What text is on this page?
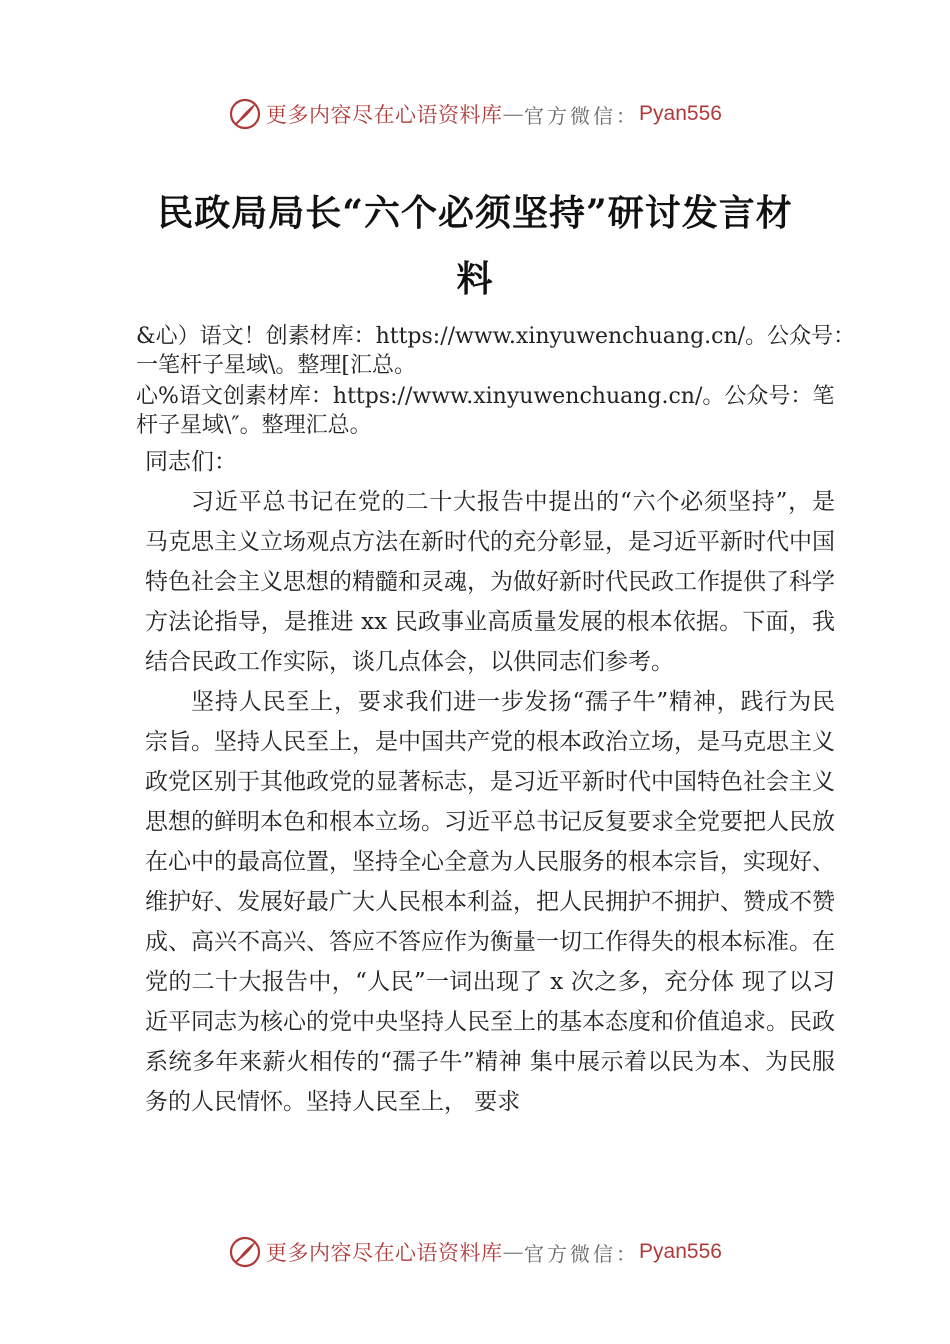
更多内容尽在心语资料库 — 官方微信： Pyan556
民政局局长“六个必须坚持”研讨发言材
料
&心）语文！创素材库：https://www.xinyuwenchuang.cn/。公众号：一笔杆子星域\。整理[汇总。
心%语文创素材库：https://www.xinyuwenchuang.cn/。公众号：笔杆子星域\″。整理汇总。

同志们：

习近平总书记在党的二十大报告中提出的“六个必须坚持”，是马克思主义立场观点方法在新时代的充分彰显，是习近平新时代中国特色社会主义思想的精髓和灵魂，为做好新时代民政工作提供了科学方法论指导，是推进 xx 民政事业高质量发展的根本依据。下面，我结合民政工作实际，谈几点体会，以供同志们参考。

坚持人民至上，要求我们进一步发扬“孺子牛”精神，践行为民宗旨。坚持人民至上，是中国共产党的根本政治立场，是马克思主义政党区别于其他政党的显著标志，是习近平新时代中国特色社会主义思想的鲜明本色和根本立场。习近平总书记反复要求全党要把人民放在心中的最高位置，坚持全心全意为人民服务的根本宗旨，实现好、维护好、发展好最广大人民根本利益，把人民拥护不拥护、赞成不赞成、高兴不高兴、答应不答应作为衡量一切工作得失的根本标准。在党的二十大报告中，“人民”一词出现了 x 次之多，充分体 现了以习近平同志为核心的党中央坚持人民至上的基本态度和价值追求。民政系统多年来薪火相传的“孺子牛”精神 集中展示着以民为本、为民服务的人民情怀。坚持人民至上， 要求

更多内容尽在心语资料库 — 官方微信： Pyan556
